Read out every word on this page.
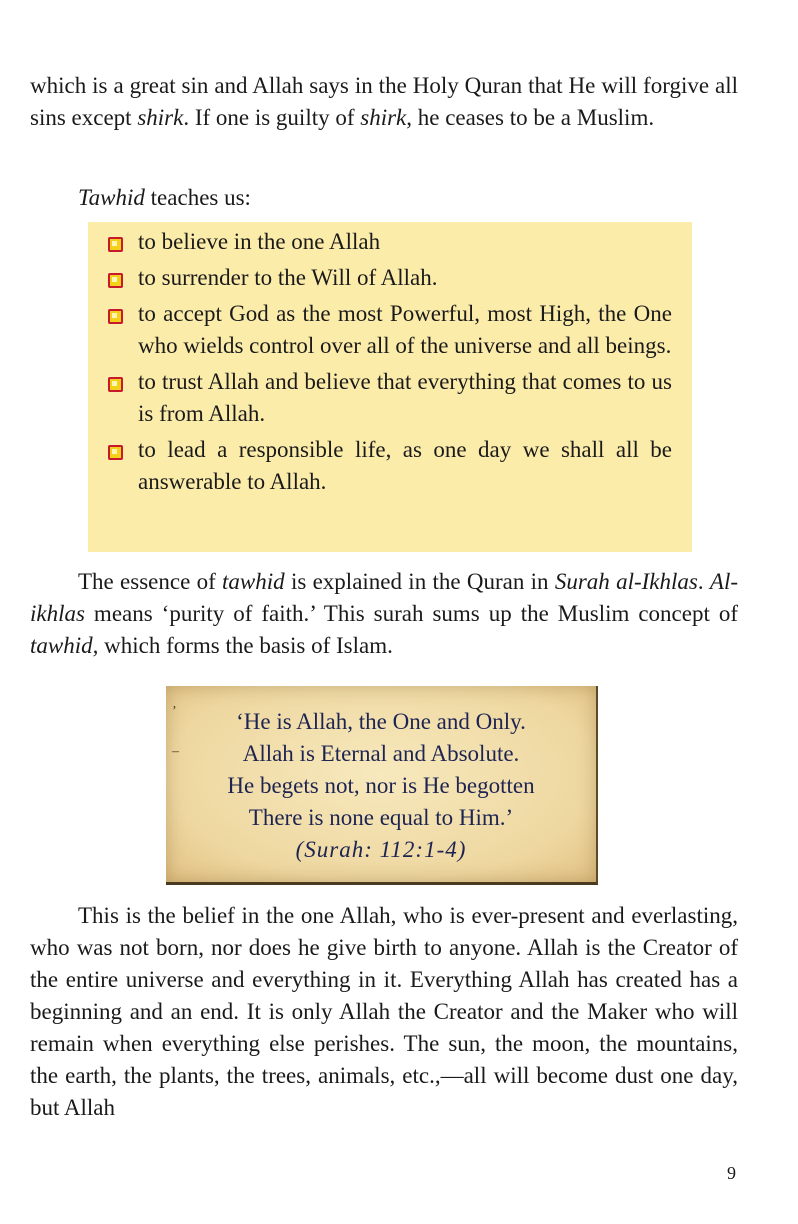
which is a great sin and Allah says in the Holy Quran that He will forgive all sins except shirk. If one is guilty of shirk, he ceases to be a Muslim.

Tawhid teaches us:

to believe in the one Allah
to surrender to the Will of Allah.
to accept God as the most Powerful, most High, the One who wields control over all of the universe and all beings.
to trust Allah and believe that everything that comes to us is from Allah.
to lead a responsible life, as one day we shall all be answerable to Allah.

The essence of tawhid is explained in the Quran in Surah al-Ikhlas. Al-ikhlas means ‘purity of faith.’ This surah sums up the Muslim concept of tawhid, which forms the basis of Islam.

ʼ
–
‘He is Allah, the One and Only.
Allah is Eternal and Absolute.
He begets not, nor is He begotten
There is none equal to Him.’
(Surah: 112:1-4)

This is the belief in the one Allah, who is ever-present and everlasting, who was not born, nor does he give birth to anyone. Allah is the Creator of the entire universe and everything in it. Everything Allah has created has a beginning and an end. It is only Allah the Creator and the Maker who will remain when everything else perishes. The sun, the moon, the mountains, the earth, the plants, the trees, animals, etc.,—all will become dust one day, but Allah

9
